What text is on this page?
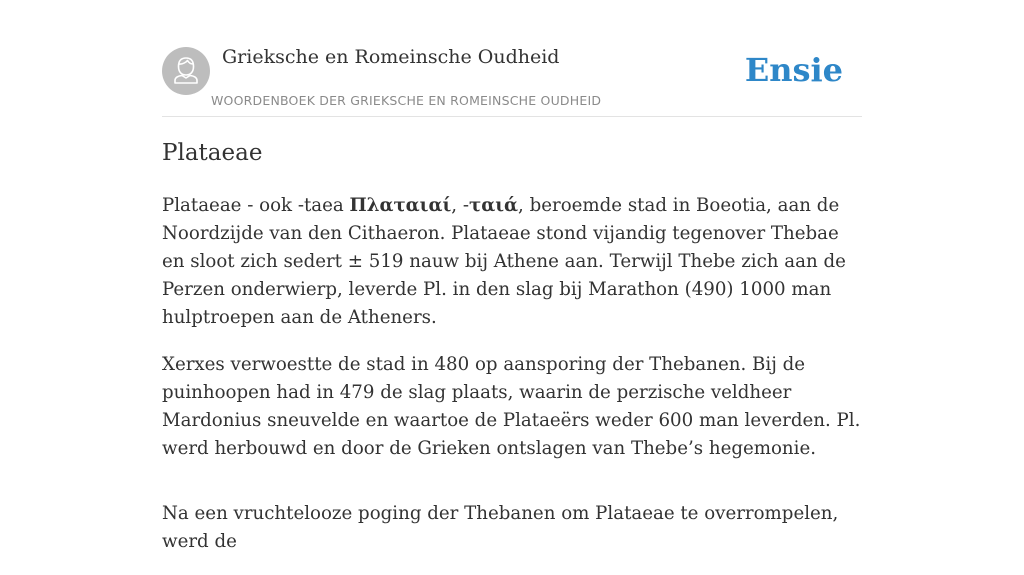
Grieksche en Romeinsche Oudheid
WOORDENBOEK DER GRIEKSCHE EN ROMEINSCHE OUDHEID
Ensie
Plataeae

Plataeae - ook -taea Πλαταιαί, -ταιά, beroemde stad in Boeotia, aan de Noordzijde van den Cithaeron. Plataeae stond vijandig tegenover Thebae en sloot zich sedert ± 519 nauw bij Athene aan. Terwijl Thebe zich aan de Perzen onderwierp, leverde Pl. in den slag bij Marathon (490) 1000 man hulptroepen aan de Atheners.

Xerxes verwoestte de stad in 480 op aansporing der Thebanen. Bij de puinhoopen had in 479 de slag plaats, waarin de perzische veldheer Mardonius sneuvelde en waartoe de Plataeërs weder 600 man leverden. Pl. werd herbouwd en door de Grieken ontslagen van Thebe’s hegemonie.

Na een vruchtelooze poging der Thebanen om Plataeae te overrompelen, werd de
